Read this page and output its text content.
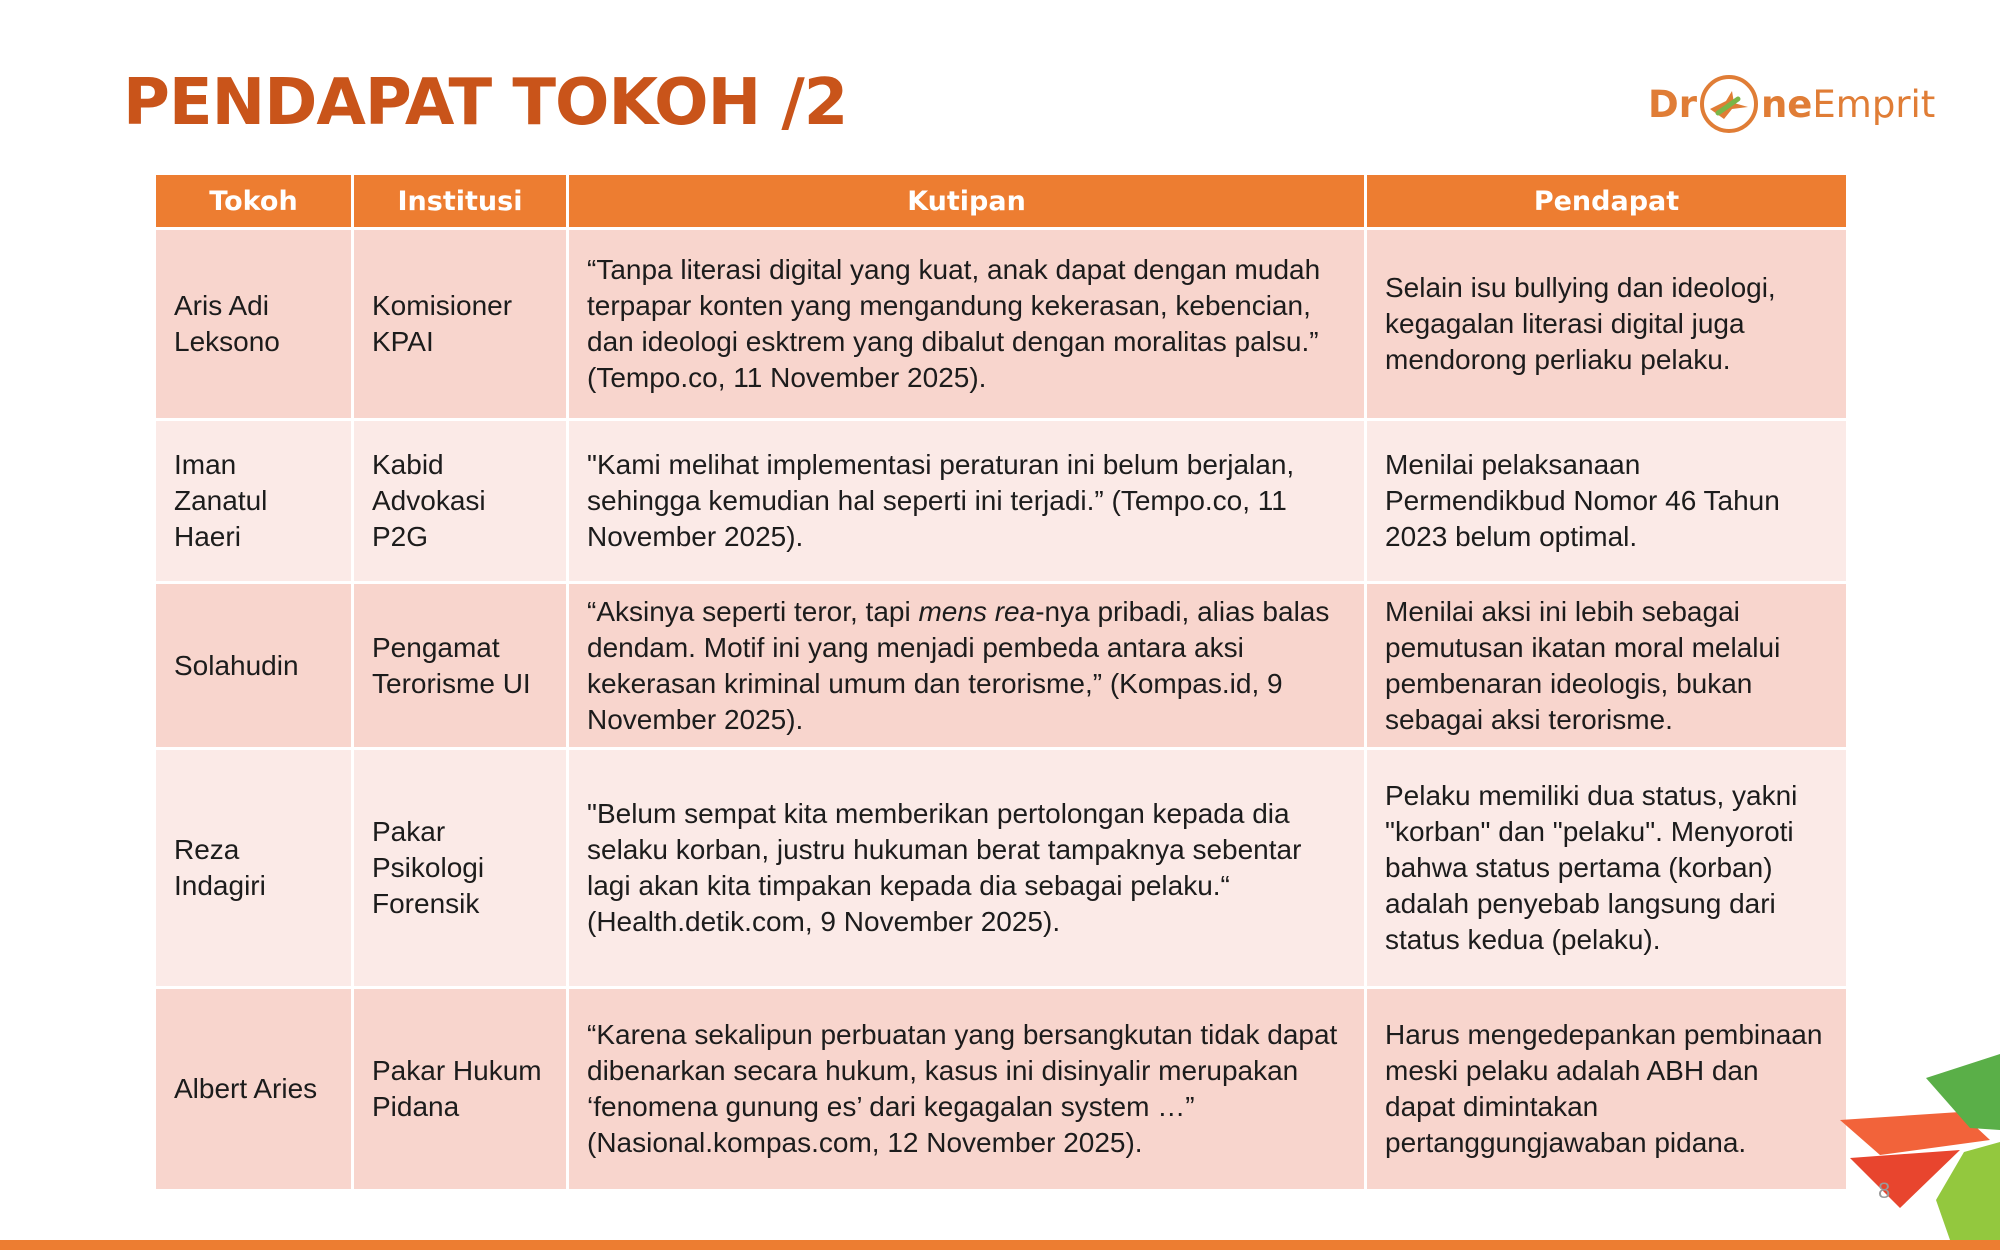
PENDAPAT TOKOH /2	Dr ne Emprit
Tokoh	Institusi	Kutipan	Pendapat
Aris Adi Leksono	Komisioner KPAI	“Tanpa literasi digital yang kuat, anak dapat dengan mudah terpapar konten yang mengandung kekerasan, kebencian, dan ideologi esktrem yang dibalut dengan moralitas palsu.” (Tempo.co, 11 November 2025).	Selain isu bullying dan ideologi, kegagalan literasi digital juga mendorong perliaku pelaku.
Iman Zanatul Haeri	Kabid Advokasi P2G	"Kami melihat implementasi peraturan ini belum berjalan, sehingga kemudian hal seperti ini terjadi.” (Tempo.co, 11 November 2025).	Menilai pelaksanaan Permendikbud Nomor 46 Tahun 2023 belum optimal.
Solahudin	Pengamat Terorisme UI	“Aksinya seperti teror, tapi mens rea-nya pribadi, alias balas dendam. Motif ini yang menjadi pembeda antara aksi kekerasan kriminal umum dan terorisme,” (Kompas.id, 9 November 2025).	Menilai aksi ini lebih sebagai pemutusan ikatan moral melalui pembenaran ideologis, bukan sebagai aksi terorisme.
Reza Indagiri	Pakar Psikologi Forensik	"Belum sempat kita memberikan pertolongan kepada dia selaku korban, justru hukuman berat tampaknya sebentar lagi akan kita timpakan kepada dia sebagai pelaku.“ (Health.detik.com, 9 November 2025).	Pelaku memiliki dua status, yakni "korban" dan "pelaku". Menyoroti bahwa status pertama (korban) adalah penyebab langsung dari status kedua (pelaku).
Albert Aries	Pakar Hukum Pidana	“Karena sekalipun perbuatan yang bersangkutan tidak dapat dibenarkan secara hukum, kasus ini disinyalir merupakan ‘fenomena gunung es’ dari kegagalan system …” (Nasional.kompas.com, 12 November 2025).	Harus mengedepankan pembinaan meski pelaku adalah ABH dan dapat dimintakan pertanggungjawaban pidana.
8
